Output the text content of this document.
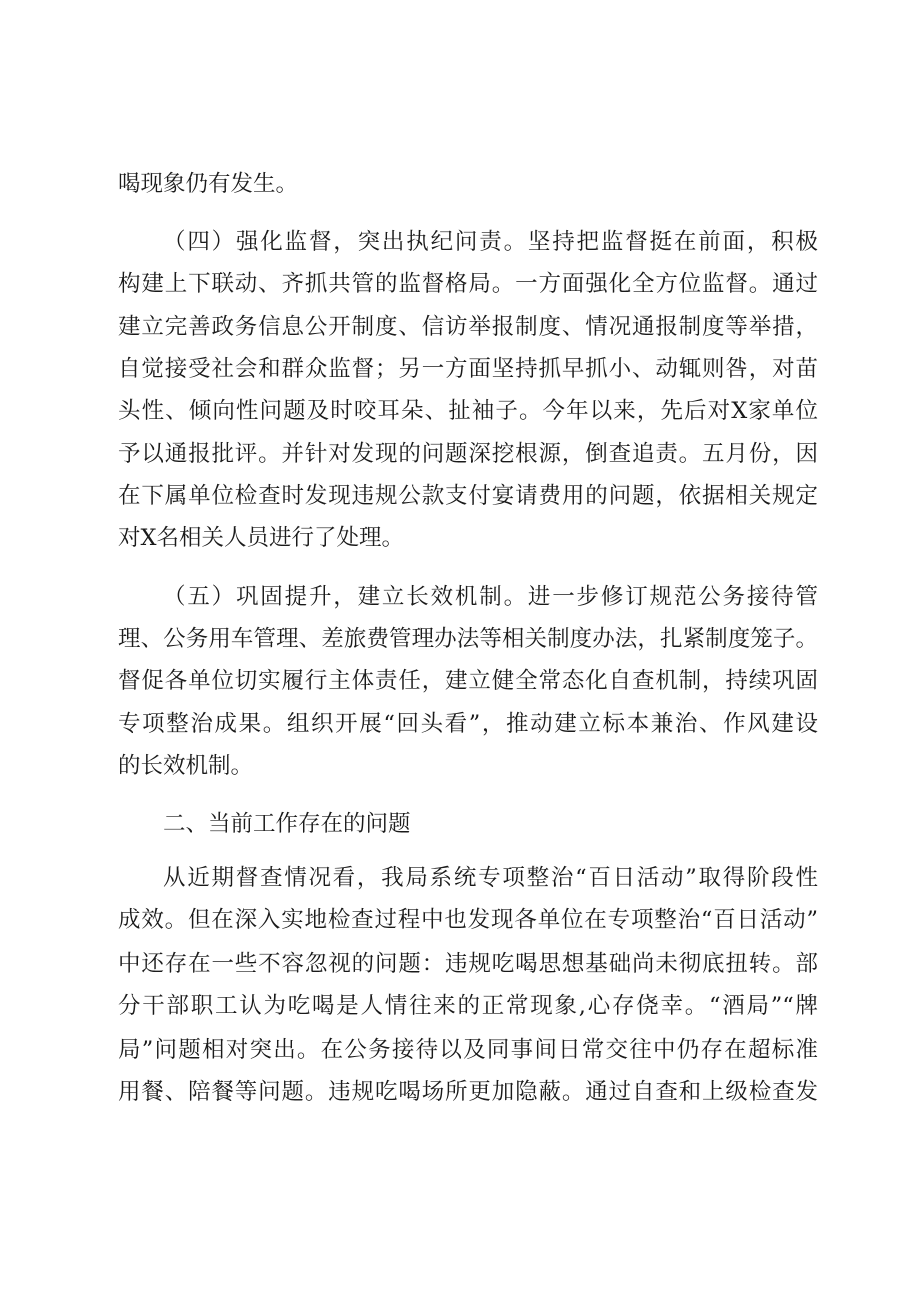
喝现象仍有发生。
（四）强化监督，突出执纪问责。坚持把监督挺在前面，积极
构建上下联动、齐抓共管的监督格局。一方面强化全方位监督。通过
建立完善政务信息公开制度、信访举报制度、情况通报制度等举措，
自觉接受社会和群众监督；另一方面坚持抓早抓小、动辄则咎，对苗
头性、倾向性问题及时咬耳朵、扯袖子。今年以来，先后对X家单位
予以通报批评。并针对发现的问题深挖根源，倒查追责。五月份，因
在下属单位检查时发现违规公款支付宴请费用的问题，依据相关规定
对X名相关人员进行了处理。
（五）巩固提升，建立长效机制。进一步修订规范公务接待管
理、公务用车管理、差旅费管理办法等相关制度办法，扎紧制度笼子。
督促各单位切实履行主体责任，建立健全常态化自查机制，持续巩固
专项整治成果。组织开展“回头看”，推动建立标本兼治、作风建设
的长效机制。
二、当前工作存在的问题
从近期督查情况看，我局系统专项整治“百日活动”取得阶段性
成效。但在深入实地检查过程中也发现各单位在专项整治“百日活动”
中还存在一些不容忽视的问题：违规吃喝思想基础尚未彻底扭转。部
分干部职工认为吃喝是人情往来的正常现象,心存侥幸。“酒局”“牌
局”问题相对突出。在公务接待以及同事间日常交往中仍存在超标准
用餐、陪餐等问题。违规吃喝场所更加隐蔽。通过自查和上级检查发
